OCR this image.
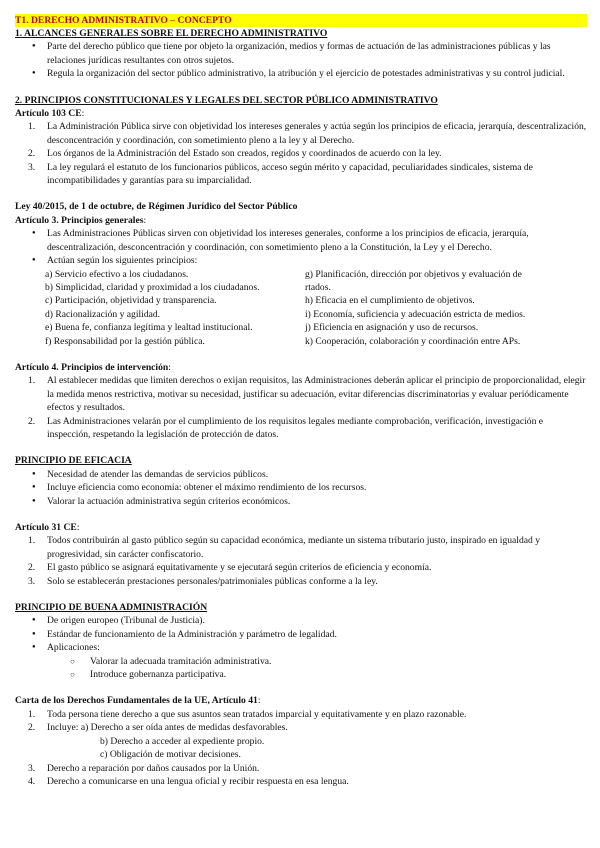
T1. DERECHO ADMINISTRATIVO – CONCEPTO
1. ALCANCES GENERALES SOBRE EL DERECHO ADMINISTRATIVO
● Parte del derecho público que tiene por objeto la organización, medios y formas de actuación de las administraciones públicas y las relaciones jurídicas resultantes con otros sujetos.
● Regula la organización del sector público administrativo, la atribución y el ejercicio de potestades administrativas y su control judicial.
2. PRINCIPIOS CONSTITUCIONALES Y LEGALES DEL SECTOR PÚBLICO ADMINISTRATIVO
Artículo 103 CE:
1. La Administración Pública sirve con objetividad los intereses generales y actúa según los principios de eficacia, jerarquía, descentralización, desconcentración y coordinación, con sometimiento pleno a la ley y al Derecho.
2. Los órganos de la Administración del Estado son creados, regidos y coordinados de acuerdo con la ley.
3. La ley regulará el estatuto de los funcionarios públicos, acceso según mérito y capacidad, peculiaridades sindicales, sistema de incompatibilidades y garantías para su imparcialidad.
Ley 40/2015, de 1 de octubre, de Régimen Jurídico del Sector Público
Artículo 3. Principios generales:
● Las Administraciones Públicas sirven con objetividad los intereses generales, conforme a los principios de eficacia, jerarquía, descentralización, desconcentración y coordinación, con sometimiento pleno a la Constitución, la Ley y el Derecho.
● Actúan según los siguientes principios:
a) Servicio efectivo a los ciudadanos.	g) Planificación, dirección por objetivos y evaluación de
b) Simplicidad, claridad y proximidad a los ciudadanos.	rtados.
c) Participación, objetividad y transparencia.	h) Eficacia en el cumplimiento de objetivos.
d) Racionalización y agilidad.	i) Economía, suficiencia y adecuación estricta de medios.
e) Buena fe, confianza legítima y lealtad institucional.	j) Eficiencia en asignación y uso de recursos.
f) Responsabilidad por la gestión pública.	k) Cooperación, colaboración y coordinación entre APs.
Artículo 4. Principios de intervención:
1. Al establecer medidas que limiten derechos o exijan requisitos, las Administraciones deberán aplicar el principio de proporcionalidad, elegir la medida menos restrictiva, motivar su necesidad, justificar su adecuación, evitar diferencias discriminatorias y evaluar periódicamente efectos y resultados.
2. Las Administraciones velarán por el cumplimiento de los requisitos legales mediante comprobación, verificación, investigación e inspección, respetando la legislación de protección de datos.
PRINCIPIO DE EFICACIA
● Necesidad de atender las demandas de servicios públicos.
● Incluye eficiencia como economía: obtener el máximo rendimiento de los recursos.
● Valorar la actuación administrativa según criterios económicos.
Artículo 31 CE:
1. Todos contribuirán al gasto público según su capacidad económica, mediante un sistema tributario justo, inspirado en igualdad y progresividad, sin carácter confiscatorio.
2. El gasto público se asignará equitativamente y se ejecutará según criterios de eficiencia y economía.
3. Solo se establecerán prestaciones personales/patrimoniales públicas conforme a la ley.
PRINCIPIO DE BUENA ADMINISTRACIÓN
● De origen europeo (Tribunal de Justicia).
● Estándar de funcionamiento de la Administración y parámetro de legalidad.
● Aplicaciones:
○ Valorar la adecuada tramitación administrativa.
○ Introduce gobernanza participativa.
Carta de los Derechos Fundamentales de la UE, Artículo 41:
1. Toda persona tiene derecho a que sus asuntos sean tratados imparcial y equitativamente y en plazo razonable.
2. Incluye: a) Derecho a ser oída antes de medidas desfavorables.
b) Derecho a acceder al expediente propio.
c) Obligación de motivar decisiones.
3. Derecho a reparación por daños causados por la Unión.
4. Derecho a comunicarse en una lengua oficial y recibir respuesta en esa lengua.
